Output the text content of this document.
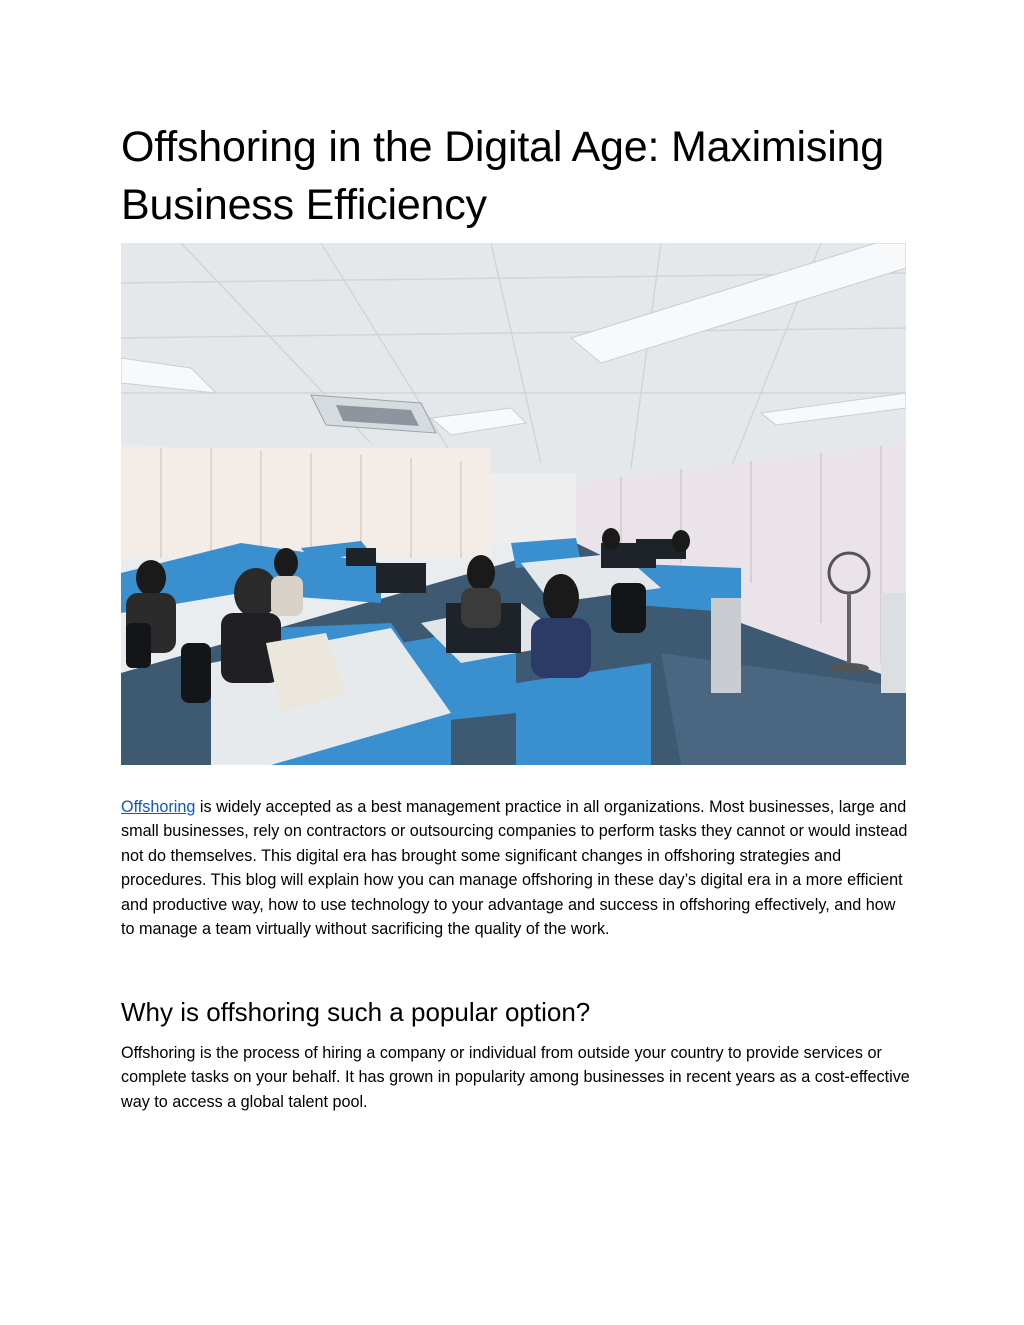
Offshoring in the Digital Age: Maximising Business Efficiency

Offshoring is widely accepted as a best management practice in all organizations. Most businesses, large and small businesses, rely on contractors or outsourcing companies to perform tasks they cannot or would instead not do themselves. This digital era has brought some significant changes in offshoring strategies and procedures. This blog will explain how you can manage offshoring in these day’s digital era in a more efficient and productive way, how to use technology to your advantage and success in offshoring effectively, and how to manage a team virtually without sacrificing the quality of the work.

Why is offshoring such a popular option?

Offshoring is the process of hiring a company or individual from outside your country to provide services or complete tasks on your behalf. It has grown in popularity among businesses in recent years as a cost-effective way to access a global talent pool.
